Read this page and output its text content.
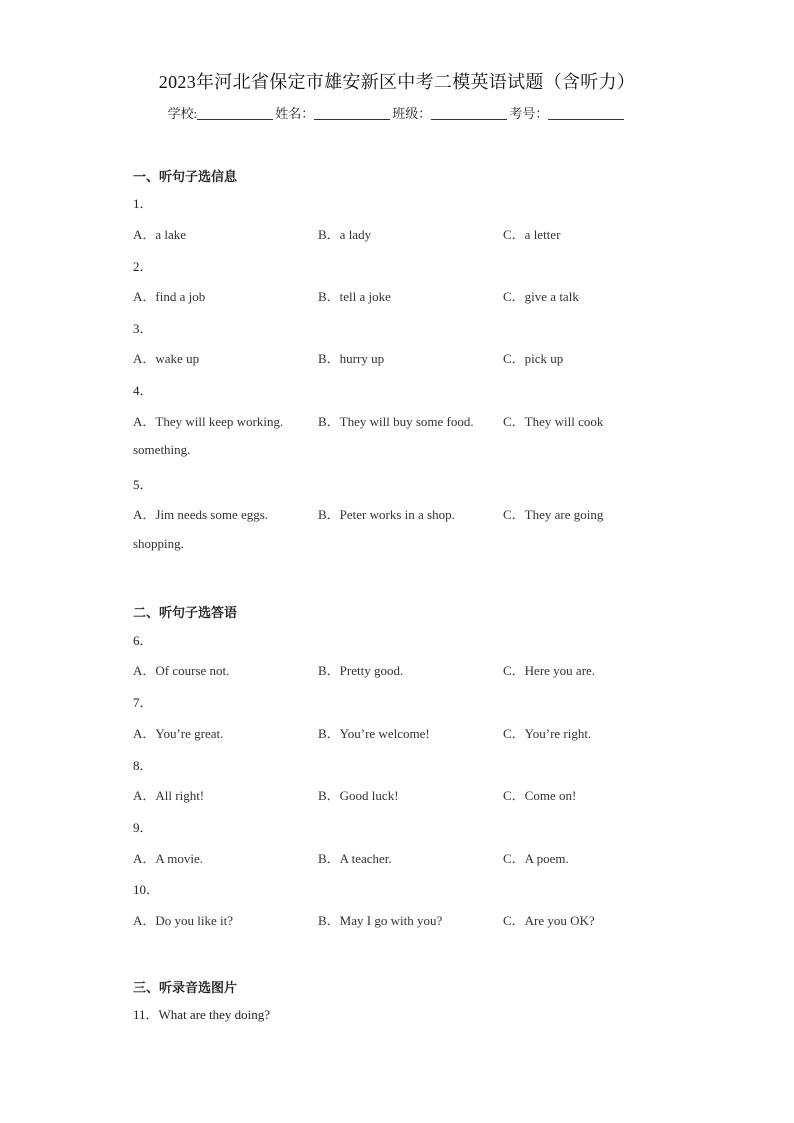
2023年河北省保定市雄安新区中考二模英语试题（含听力）
学校:	姓名：	班级：	考号：
一、听句子选信息
1．
A．a lake	B．a lady	C．a letter
2．
A．find a job	B．tell a joke	C．give a talk
3．
A．wake up	B．hurry up	C．pick up
4．
A．They will keep working.	B．They will buy some food. C．They will cook
something.
5．
A．Jim needs some eggs.	B．Peter works in a shop.	C．They are going
shopping.
二、听句子选答语
6．
A．Of course not.	B．Pretty good.	C．Here you are.
7．
A．You’re great.	B．You’re welcome!	C．You’re right.
8．
A．All right!	B．Good luck!	C．Come on!
9．
A．A movie.	B．A teacher.	C．A poem.
10．
A．Do you like it?	B．May I go with you?	C．Are you OK?
三、听录音选图片
11．What are they doing?
